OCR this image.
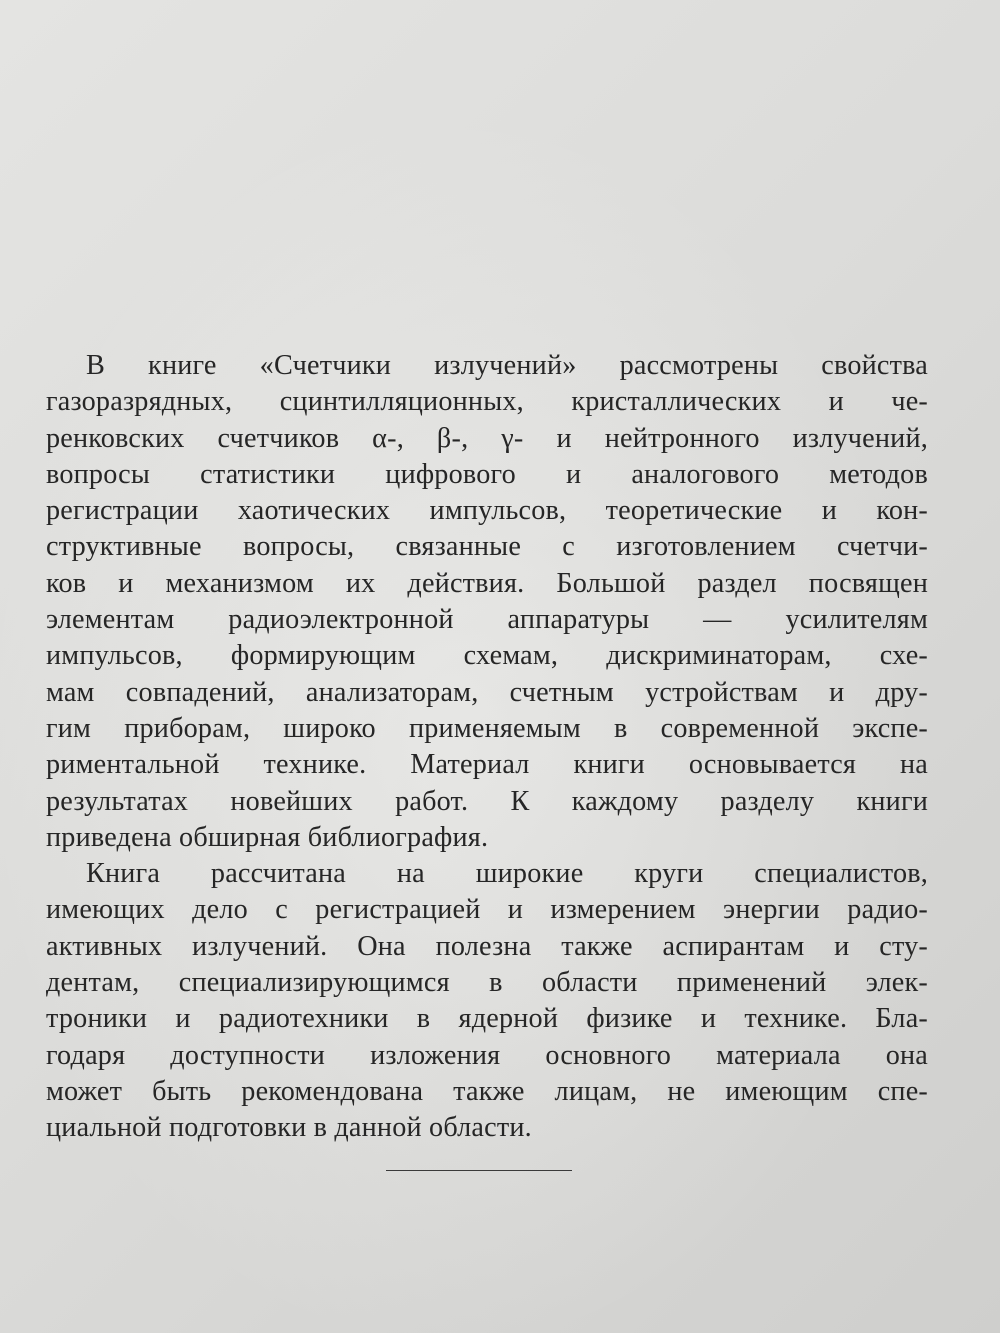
В книге «Счетчики излучений» рассмотрены свойства
газоразрядных, сцинтилляционных, кристаллических и че-
ренковских счетчиков α-, β-, γ- и нейтронного излучений,
вопросы статистики цифрового и аналогового методов
регистрации хаотических импульсов, теоретические и кон-
структивные вопросы, связанные с изготовлением счетчи-
ков и механизмом их действия. Большой раздел посвящен
элементам радиоэлектронной аппаратуры — усилителям
импульсов, формирующим схемам, дискриминаторам, схе-
мам совпадений, анализаторам, счетным устройствам и дру-
гим приборам, широко применяемым в современной экспе-
риментальной технике. Материал книги основывается на
результатах новейших работ. К каждому разделу книги
приведена обширная библиография.

Книга рассчитана на широкие круги специалистов,
имеющих дело с регистрацией и измерением энергии радио-
активных излучений. Она полезна также аспирантам и сту-
дентам, специализирующимся в области применений элек-
троники и радиотехники в ядерной физике и технике. Бла-
годаря доступности изложения основного материала она
может быть рекомендована также лицам, не имеющим спе-
циальной подготовки в данной области.
